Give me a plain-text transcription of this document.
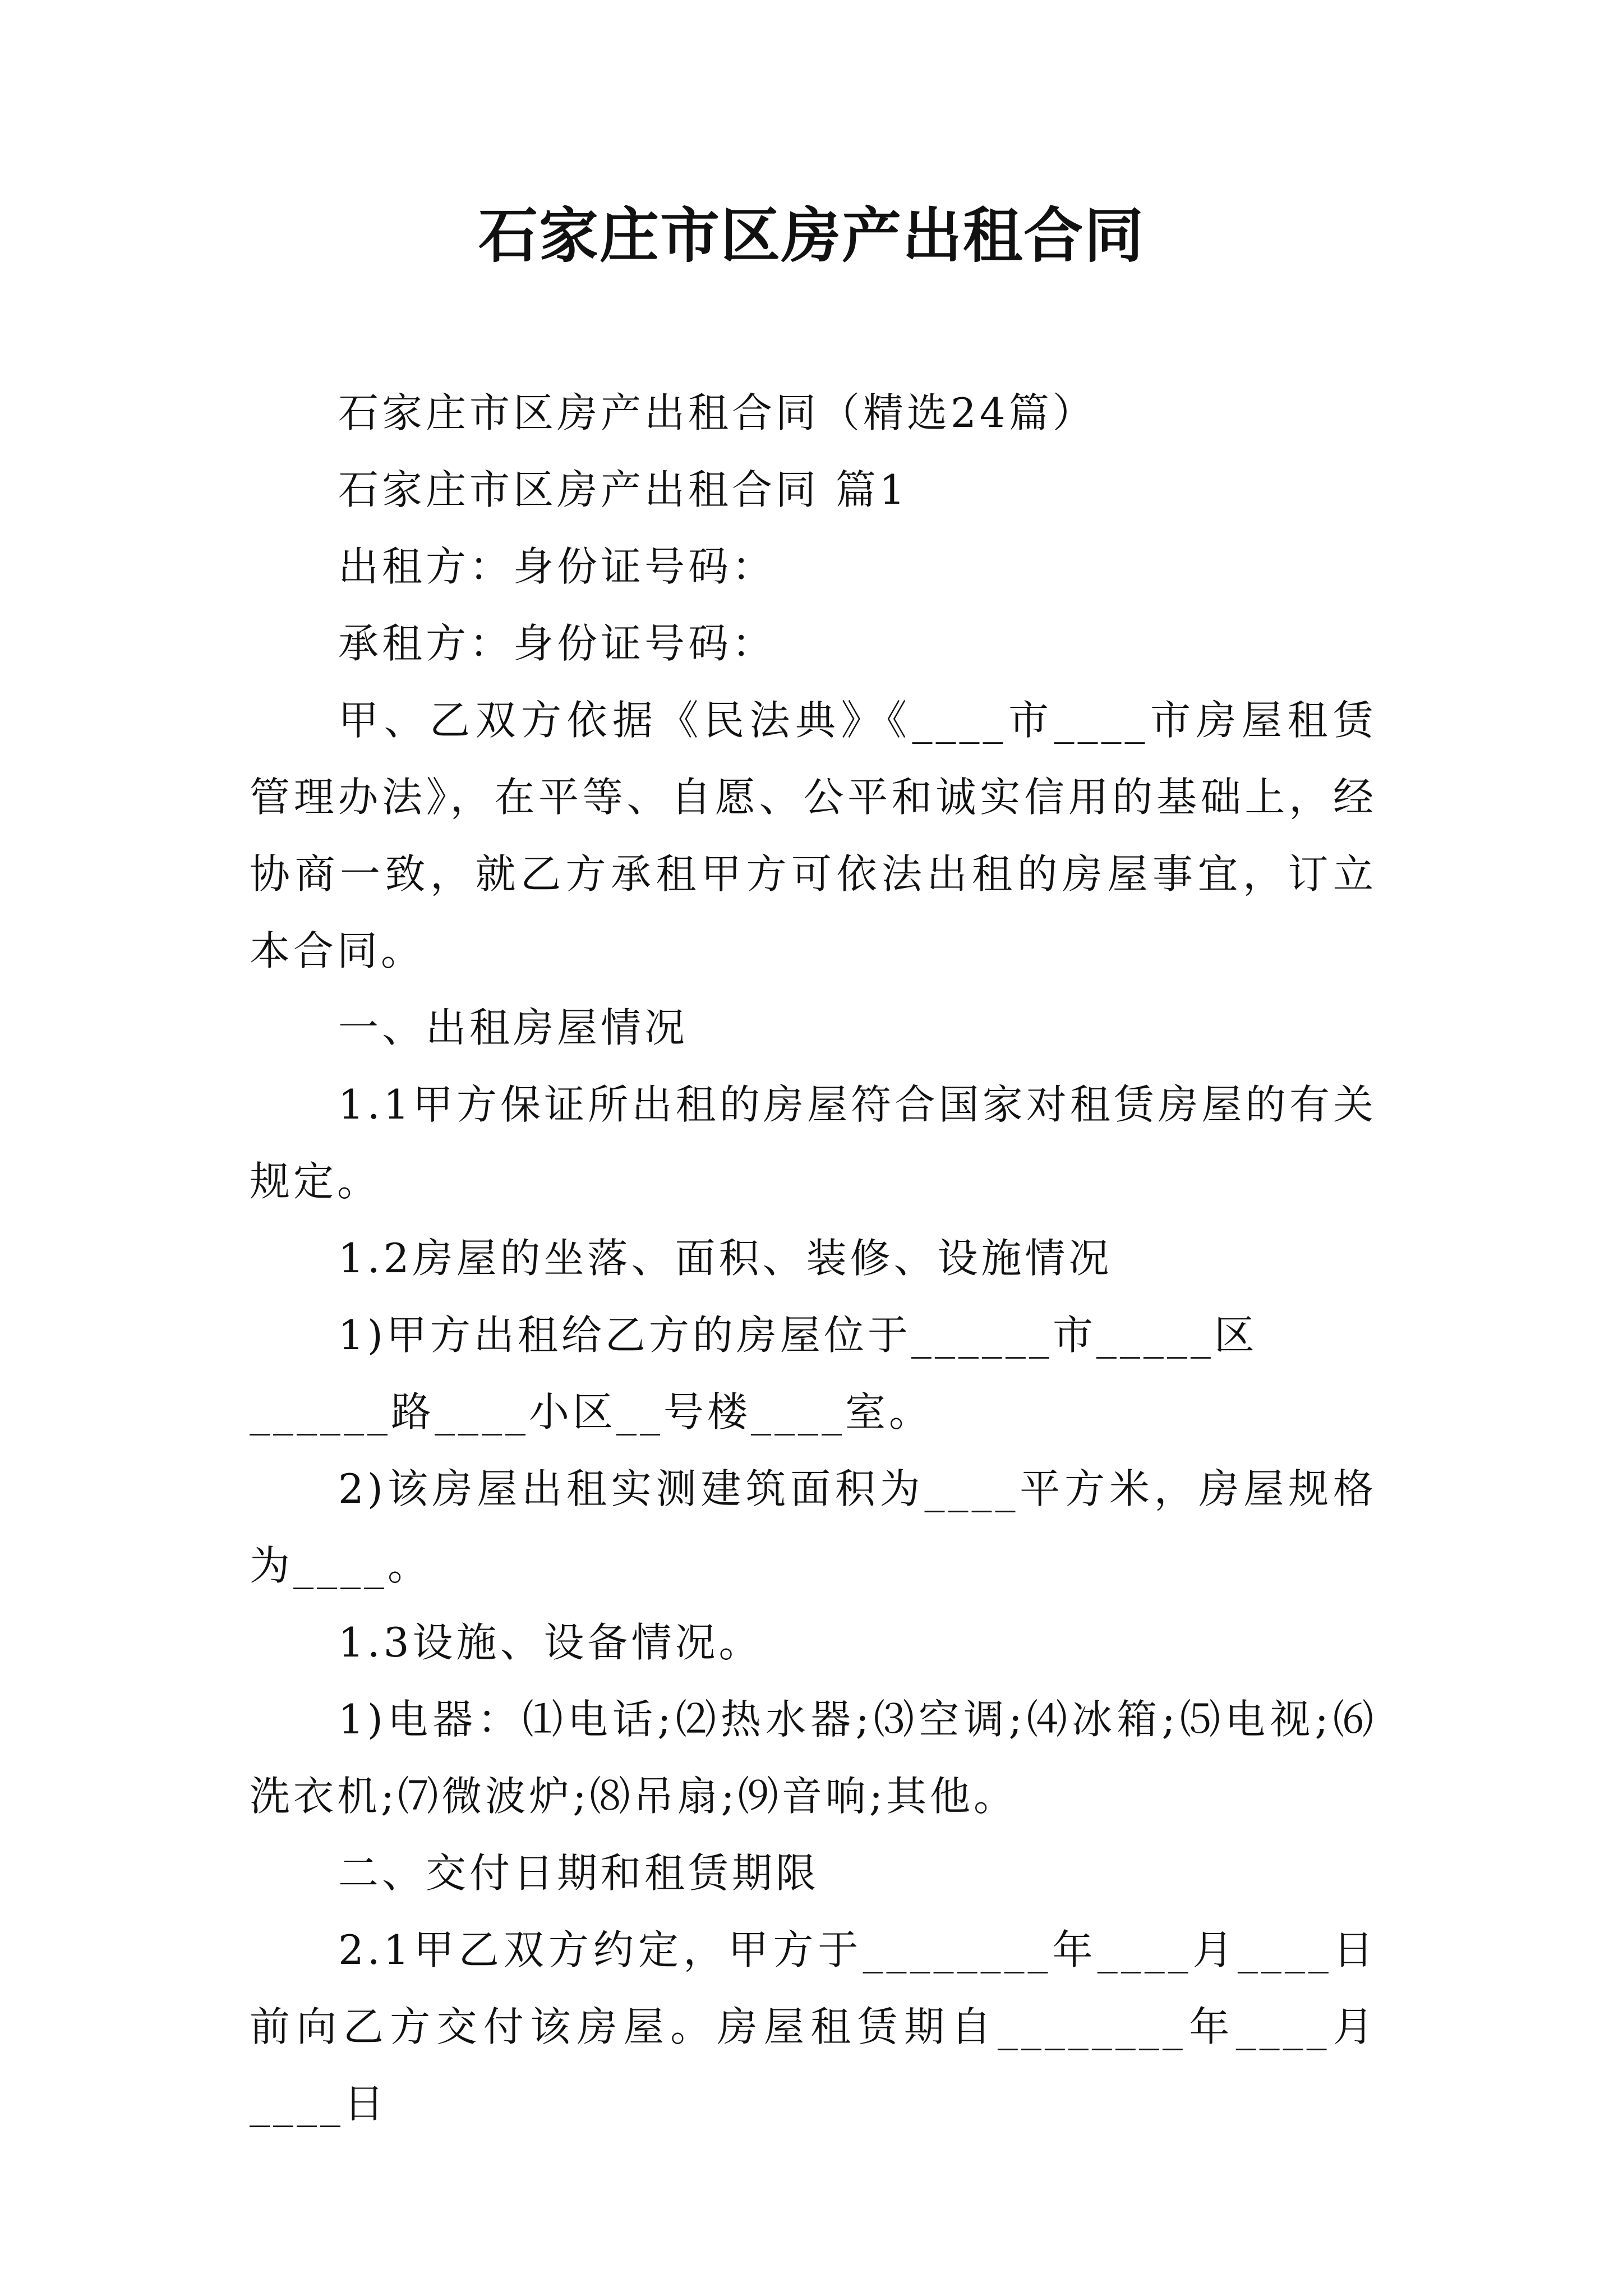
石家庄市区房产出租合同

石家庄市区房产出租合同（精选24篇）

石家庄市区房产出租合同 篇1

出租方：身份证号码：

承租方：身份证号码：

甲、乙双方依据《民法典》《____市____市房屋租赁管理办法》，在平等、自愿、公平和诚实信用的基础上，经协商一致，就乙方承租甲方可依法出租的房屋事宜，订立本合同。

一、出租房屋情况

1.1甲方保证所出租的房屋符合国家对租赁房屋的有关规定。

1.2房屋的坐落、面积、装修、设施情况

1)甲方出租给乙方的房屋位于______市_____区______路____小区__号楼____室。

2)该房屋出租实测建筑面积为____平方米，房屋规格为____。

1.3设施、设备情况。

1)电器：⑴电话;⑵热水器;⑶空调;⑷冰箱;⑸电视;⑹洗衣机;⑺微波炉;⑻吊扇;⑼音响;其他。

二、交付日期和租赁期限

2.1甲乙双方约定，甲方于________年____月____日前向乙方交付该房屋。房屋租赁期自________年____月____日
